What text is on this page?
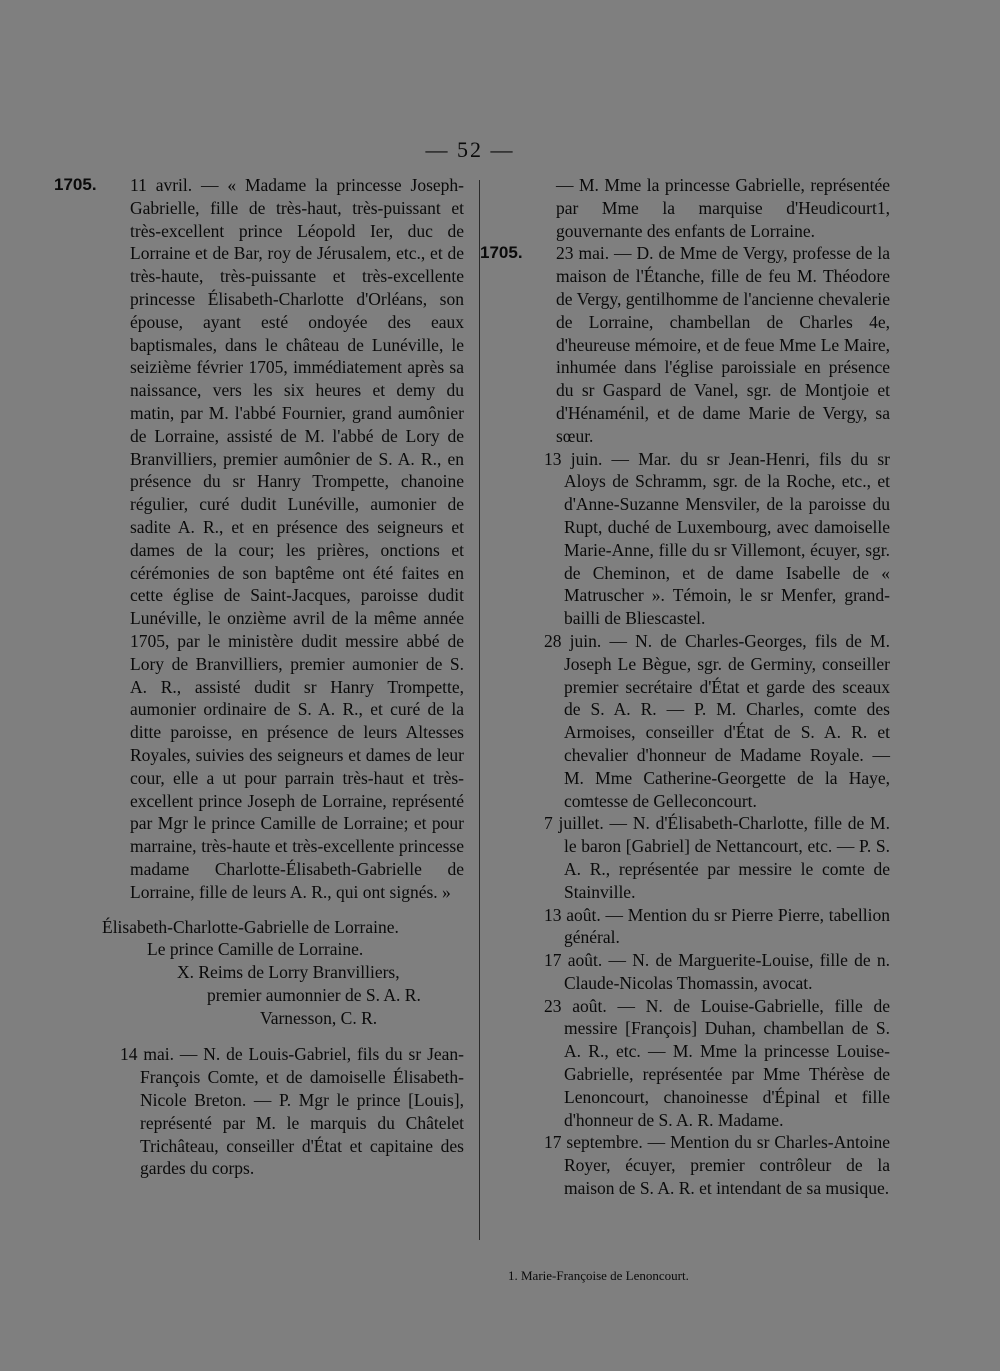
— 52 —
1705. 11 avril. — « Madame la princesse Joseph-Gabrielle, fille de très-haut, très-puissant et très-excellent prince Léopold Ier, duc de Lorraine et de Bar, roy de Jérusalem, etc., et de très-haute, très-puissante et très-excellente princesse Élisabeth-Charlotte d'Orléans, son épouse, ayant esté ondoyée des eaux baptismales, dans le château de Lunéville, le seizième février 1705, immédiatement après sa naissance, vers les six heures et demy du matin, par M. l'abbé Fournier, grand aumônier de Lorraine, assisté de M. l'abbé de Lory de Branvilliers, premier aumônier de S. A. R., en présence du sr Hanry Trompette, chanoine régulier, curé dudit Lunéville, aumonier de sadite A. R., et en présence des seigneurs et dames de la cour; les prières, onctions et cérémonies de son baptême ont été faites en cette église de Saint-Jacques, paroisse dudit Lunéville, le onzième avril de la même année 1705, par le ministère dudit messire abbé de Lory de Branvilliers, premier aumonier de S. A. R., assisté dudit sr Hanry Trompette, aumonier ordinaire de S. A. R., et curé de la ditte paroisse, en présence de leurs Altesses Royales, suivies des seigneurs et dames de leur cour, elle a ut pour parrain très-haut et très-excellent prince Joseph de Lorraine, représenté par Mgr le prince Camille de Lorraine; et pour marraine, très-haute et très-excellente princesse madame Charlotte-Élisabeth-Gabrielle de Lorraine, fille de leurs A. R., qui ont signés. »

Élisabeth-Charlotte-Gabrielle de Lorraine.
Le prince Camille de Lorraine.
X. Reims de Lorry Branvilliers,
premier aumonnier de S. A. R.
Varnesson, C. R.

14 mai. — N. de Louis-Gabriel, fils du sr Jean-François Comte, et de damoiselle Élisabeth-Nicole Breton. — P. Mgr le prince [Louis], représenté par M. le marquis du Châtelet Trichâteau, conseiller d'État et capitaine des gardes du corps.

— M. Mme la princesse Gabrielle, représentée par Mme la marquise d'Heudicourt1, gouvernante des enfants de Lorraine.

1705. 23 mai. — D. de Mme de Vergy, professe de la maison de l'Étanche, fille de feu M. Théodore de Vergy, gentilhomme de l'ancienne chevalerie de Lorraine, chambellan de Charles 4e, d'heureuse mémoire, et de feue Mme Le Maire, inhumée dans l'église paroissiale en présence du sr Gaspard de Vanel, sgr. de Montjoie et d'Hénaménil, et de dame Marie de Vergy, sa sœur.

13 juin. — Mar. du sr Jean-Henri, fils du sr Aloys de Schramm, sgr. de la Roche, etc., et d'Anne-Suzanne Mensviler, de la paroisse du Rupt, duché de Luxembourg, avec damoiselle Marie-Anne, fille du sr Villemont, écuyer, sgr. de Cheminon, et de dame Isabelle de « Matruscher ». Témoin, le sr Menfer, grand-bailli de Bliescastel.

28 juin. — N. de Charles-Georges, fils de M. Joseph Le Bègue, sgr. de Germiny, conseiller premier secrétaire d'État et garde des sceaux de S. A. R. — P. M. Charles, comte des Armoises, conseiller d'État de S. A. R. et chevalier d'honneur de Madame Royale. — M. Mme Catherine-Georgette de la Haye, comtesse de Gelleconcourt.

7 juillet. — N. d'Élisabeth-Charlotte, fille de M. le baron [Gabriel] de Nettancourt, etc. — P. S. A. R., représentée par messire le comte de Stainville.

13 août. — Mention du sr Pierre Pierre, tabellion général.

17 août. — N. de Marguerite-Louise, fille de n. Claude-Nicolas Thomassin, avocat.

23 août. — N. de Louise-Gabrielle, fille de messire [François] Duhan, chambellan de S. A. R., etc. — M. Mme la princesse Louise-Gabrielle, représentée par Mme Thérèse de Lenoncourt, chanoinesse d'Épinal et fille d'honneur de S. A. R. Madame.

17 septembre. — Mention du sr Charles-Antoine Royer, écuyer, premier contrôleur de la maison de S. A. R. et intendant de sa musique.

1. Marie-Françoise de Lenoncourt.
